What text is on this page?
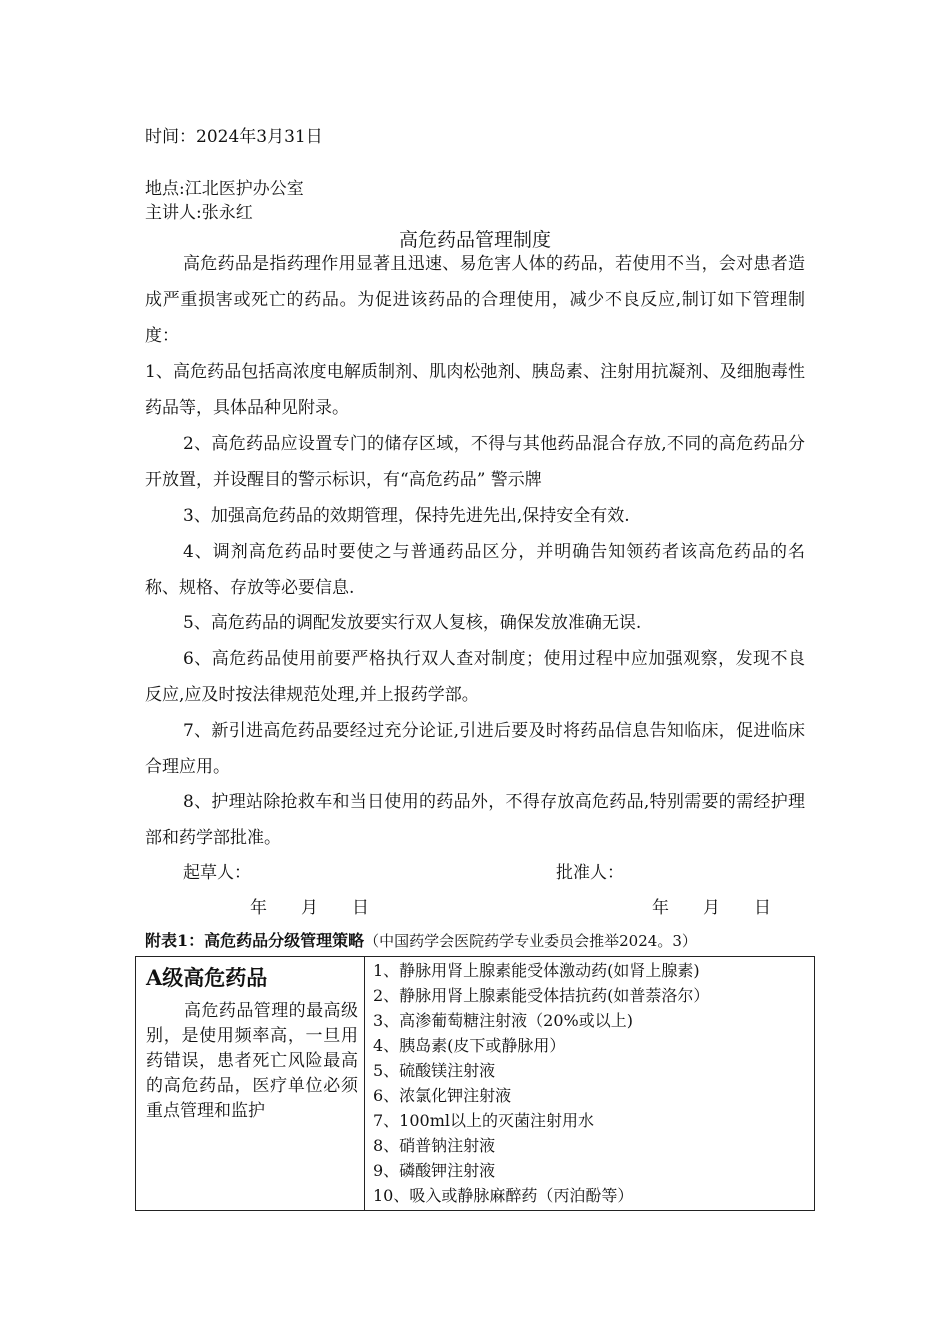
时间：2024年3月31日
地点:江北医护办公室
主讲人:张永红
高危药品管理制度
高危药品是指药理作用显著且迅速、易危害人体的药品，若使用不当，会对患者造成严重损害或死亡的药品。为促进该药品的合理使用，减少不良反应,制订如下管理制度：
1、高危药品包括高浓度电解质制剂、肌肉松弛剂、胰岛素、注射用抗凝剂、及细胞毒性药品等，具体品种见附录。
2、高危药品应设置专门的储存区域，不得与其他药品混合存放,不同的高危药品分开放置，并设醒目的警示标识，有“高危药品” 警示牌
3、加强高危药品的效期管理，保持先进先出,保持安全有效.
4、调剂高危药品时要使之与普通药品区分，并明确告知领药者该高危药品的名称、规格、存放等必要信息.
5、高危药品的调配发放要实行双人复核，确保发放准确无误.
6、高危药品使用前要严格执行双人查对制度；使用过程中应加强观察，发现不良反应,应及时按法律规范处理,并上报药学部。
7、新引进高危药品要经过充分论证,引进后要及时将药品信息告知临床，促进临床合理应用。
8、护理站除抢救车和当日使用的药品外，不得存放高危药品,特别需要的需经护理部和药学部批准。
起草人：	批准人：
年　　月　　日	年　　月　　日
附表1：高危药品分级管理策略（中国药学会医院药学专业委员会推举2024。3）
A级高危药品
高危药品管理的最高级别，是使用频率高，一旦用药错误，患者死亡风险最高的高危药品，医疗单位必须重点管理和监护

1、静脉用肾上腺素能受体激动药(如肾上腺素)
2、静脉用肾上腺素能受体拮抗药(如普萘洛尔）
3、高渗葡萄糖注射液（20%或以上)
4、胰岛素(皮下或静脉用）
5、硫酸镁注射液
6、浓氯化钾注射液
7、100ml以上的灭菌注射用水
8、硝普钠注射液
9、磷酸钾注射液
10、吸入或静脉麻醉药（丙泊酚等）
